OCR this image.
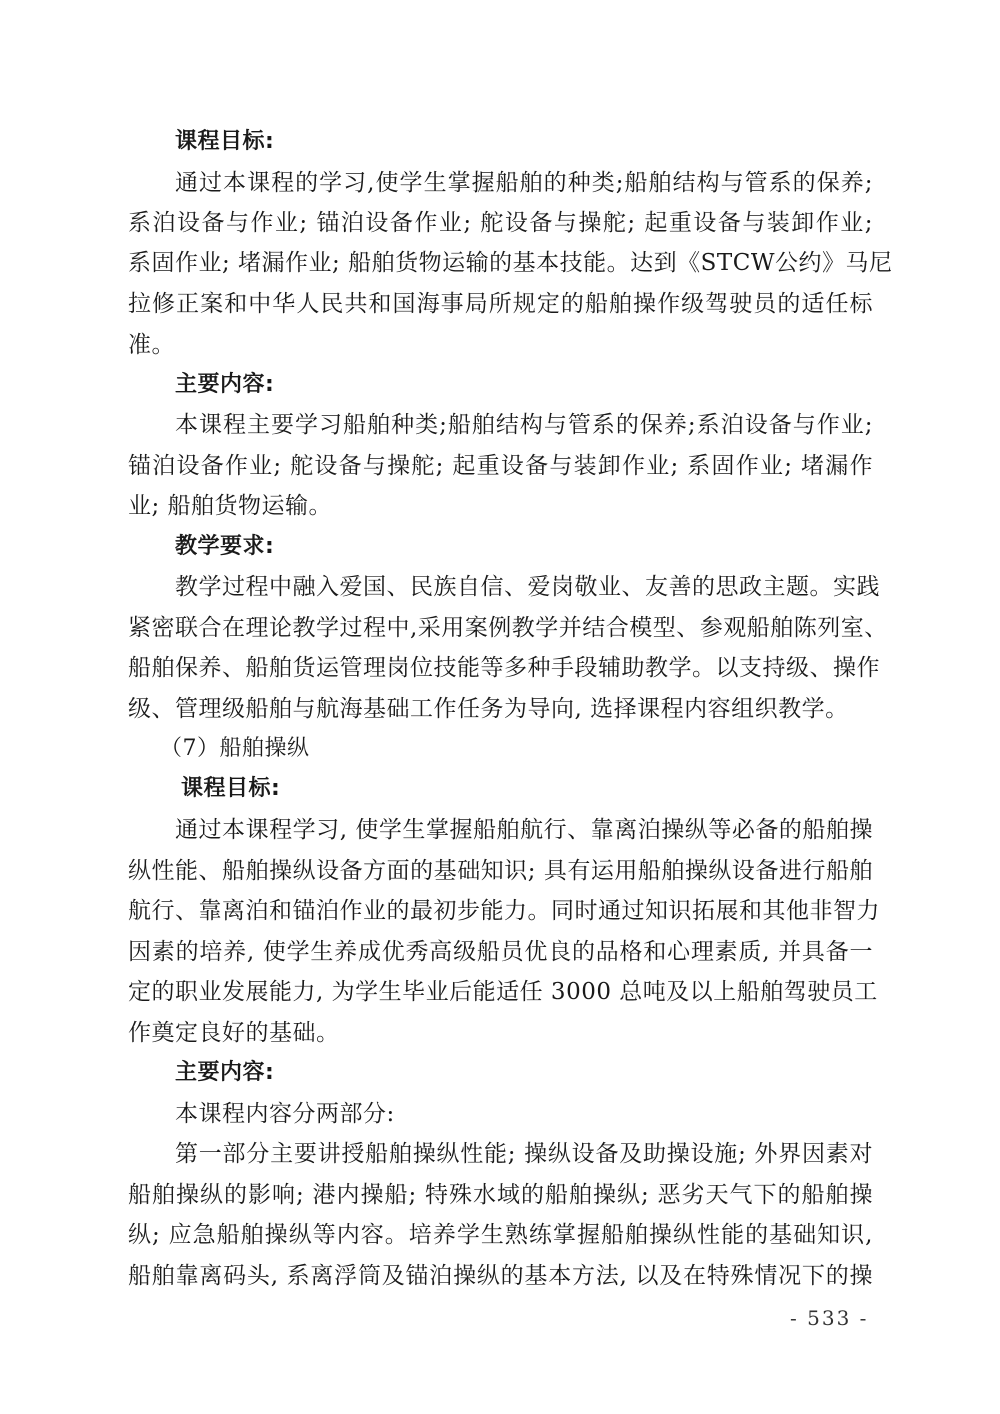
课程目标:
通过本课程的学习,使学生掌握船舶的种类;船舶结构与管系的保养;
系泊设备与作业; 锚泊设备作业; 舵设备与操舵; 起重设备与装卸作业;
系固作业; 堵漏作业; 船舶货物运输的基本技能。达到《STCW公约》马尼
拉修正案和中华人民共和国海事局所规定的船舶操作级驾驶员的适任标
准。
主要内容:
本课程主要学习船舶种类;船舶结构与管系的保养;系泊设备与作业;
锚泊设备作业; 舵设备与操舵; 起重设备与装卸作业; 系固作业; 堵漏作
业; 船舶货物运输。
教学要求:
教学过程中融入爱国、民族自信、爱岗敬业、友善的思政主题。实践
紧密联合在理论教学过程中,采用案例教学并结合模型、参观船舶陈列室、
船舶保养、船舶货运管理岗位技能等多种手段辅助教学。以支持级、操作
级、管理级船舶与航海基础工作任务为导向, 选择课程内容组织教学。
（7）船舶操纵
课程目标:
通过本课程学习, 使学生掌握船舶航行、靠离泊操纵等必备的船舶操
纵性能、船舶操纵设备方面的基础知识; 具有运用船舶操纵设备进行船舶
航行、靠离泊和锚泊作业的最初步能力。同时通过知识拓展和其他非智力
因素的培养, 使学生养成优秀高级船员优良的品格和心理素质, 并具备一
定的职业发展能力, 为学生毕业后能适任 3000 总吨及以上船舶驾驶员工
作奠定良好的基础。
主要内容:
本课程内容分两部分:
第一部分主要讲授船舶操纵性能; 操纵设备及助操设施; 外界因素对
船舶操纵的影响; 港内操船; 特殊水域的船舶操纵; 恶劣天气下的船舶操
纵; 应急船舶操纵等内容。培养学生熟练掌握船舶操纵性能的基础知识,
船舶靠离码头, 系离浮筒及锚泊操纵的基本方法, 以及在特殊情况下的操
- 533 -
